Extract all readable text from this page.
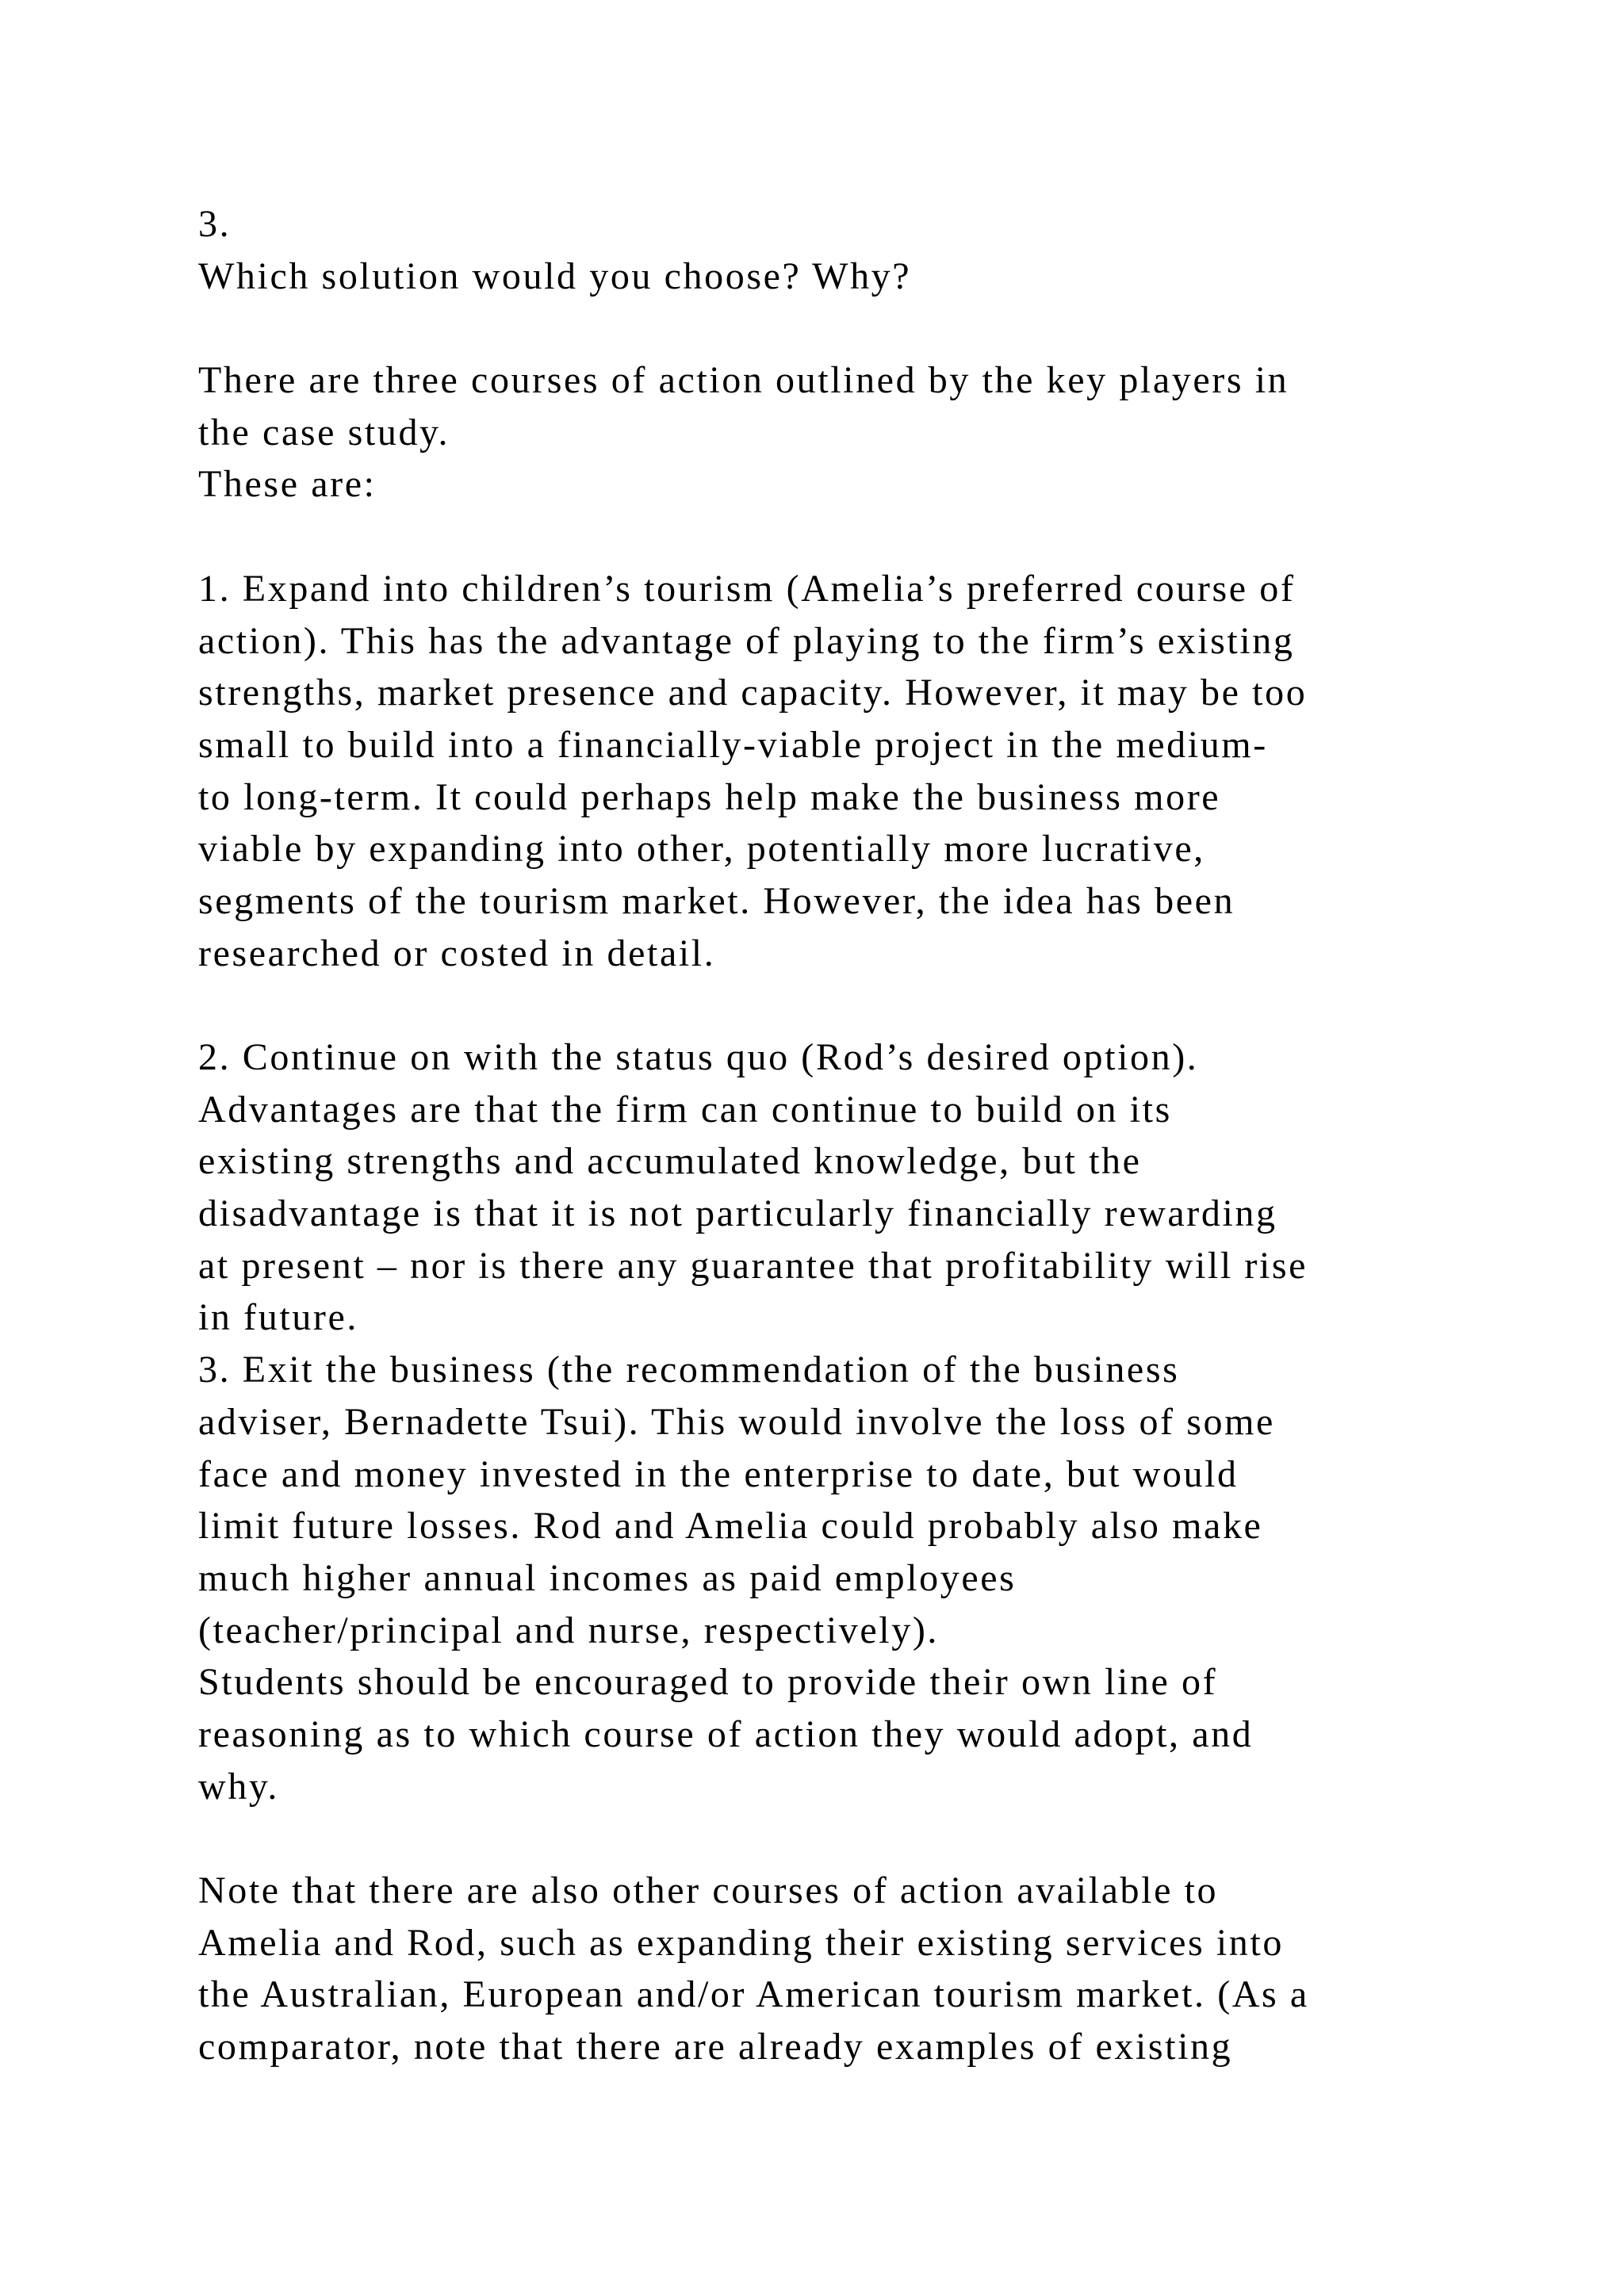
3.
Which solution would you choose? Why?
There are three courses of action outlined by the key players in
the case study.
These are:
1. Expand into children’s tourism (Amelia’s preferred course of
action). This has the advantage of playing to the firm’s existing
strengths, market presence and capacity. However, it may be too
small to build into a financially-viable project in the medium-
to long-term. It could perhaps help make the business more
viable by expanding into other, potentially more lucrative,
segments of the tourism market. However, the idea has been
researched or costed in detail.
2. Continue on with the status quo (Rod’s desired option).
Advantages are that the firm can continue to build on its
existing strengths and accumulated knowledge, but the
disadvantage is that it is not particularly financially rewarding
at present – nor is there any guarantee that profitability will rise
in future.
3. Exit the business (the recommendation of the business
adviser, Bernadette Tsui). This would involve the loss of some
face and money invested in the enterprise to date, but would
limit future losses. Rod and Amelia could probably also make
much higher annual incomes as paid employees
(teacher/principal and nurse, respectively).
Students should be encouraged to provide their own line of
reasoning as to which course of action they would adopt, and
why.
Note that there are also other courses of action available to
Amelia and Rod, such as expanding their existing services into
the Australian, European and/or American tourism market. (As a
comparator, note that there are already examples of existing
